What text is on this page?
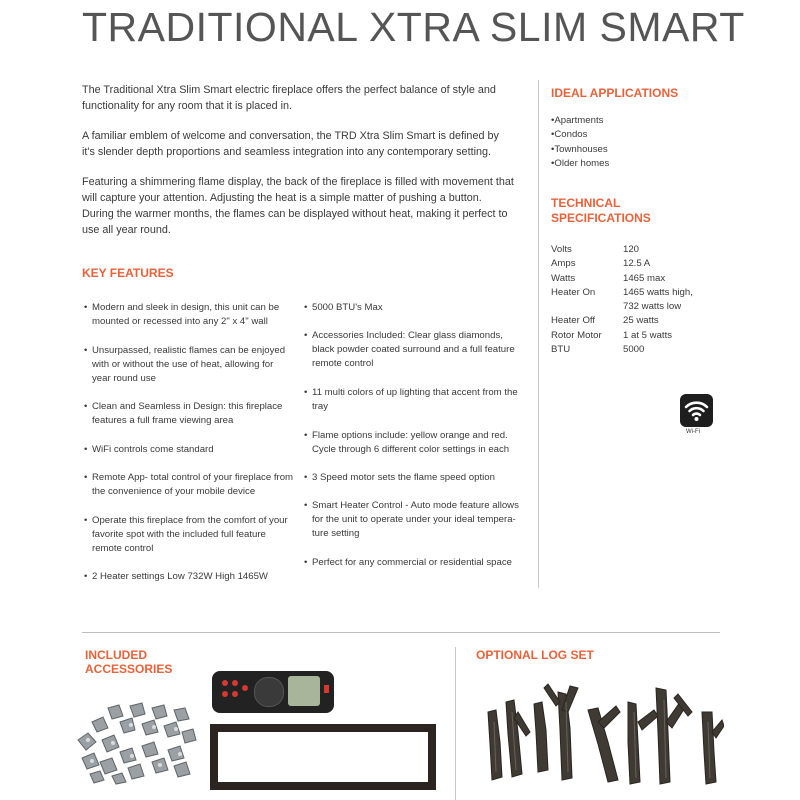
TRADITIONAL XTRA SLIM SMART

The Traditional Xtra Slim Smart electric fireplace offers the perfect balance of style and functionality for any room that it is placed in.

A familiar emblem of welcome and conversation, the TRD Xtra Slim Smart is defined by it's slender depth proportions and seamless integration into any contemporary setting.

Featuring a shimmering flame display, the back of the fireplace is filled with movement that will capture your attention. Adjusting the heat is a simple matter of pushing a button. During the warmer months, the flames can be displayed without heat, making it perfect to use all year round.

KEY FEATURES
• Modern and sleek in design, this unit can be mounted or recessed into any 2" x 4" wall
• Unsurpassed, realistic flames can be enjoyed with or without the use of heat, allowing for year round use
• Clean and Seamless in Design: this fireplace features a full frame viewing area
• WiFi controls come standard
• Remote App- total control of your fireplace from the convenience of your mobile device
• Operate this fireplace from the comfort of your favorite spot with the included full feature remote control
• 2 Heater settings Low 732W High 1465W
• 5000 BTU's Max
• Accessories Included: Clear glass diamonds, black powder coated surround and a full feature remote control
• 11 multi colors of up lighting that accent from the tray
• Flame options include: yellow orange and red. Cycle through 6 different color settings in each
• 3 Speed motor sets the flame speed option
• Smart Heater Control - Auto mode feature allows for the unit to operate under your ideal tempera-ture setting
• Perfect for any commercial or residential space
IDEAL APPLICATIONS
• Apartments
• Condos
• Townhouses
• Older homes
TECHNICAL
SPECIFICATIONS
Volts	120
Amps	12.5 A
Watts	1465 max
Heater On	1465 watts high,
	732 watts low
Heater Off	25 watts
Rotor Motor	1 at 5 watts
BTU	5000
Wi-Fi
INCLUDED
ACCESSORIES
OPTIONAL LOG SET
